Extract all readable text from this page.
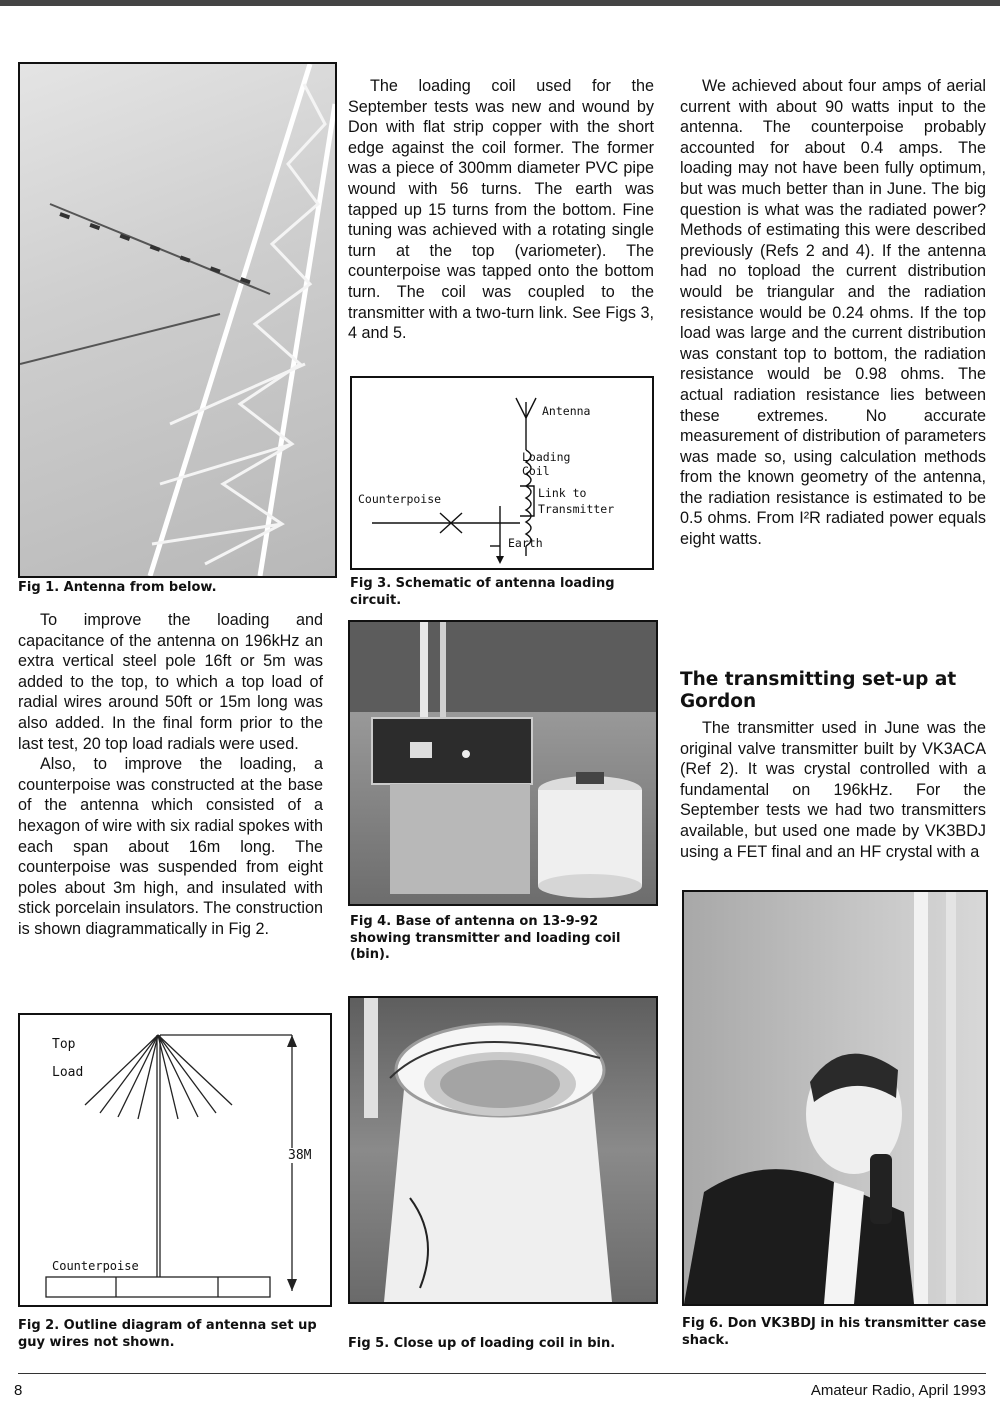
Fig 1. Antenna from below.

To improve the loading and capacitance of the antenna on 196kHz an extra vertical steel pole 16ft or 5m was added to the top, to which a top load of radial wires around 50ft or 15m long was also added. In the final form prior to the last test, 20 top load radials were used.

Also, to improve the loading, a counterpoise was constructed at the base of the antenna which consisted of a hexagon of wire with six radial spokes with each span about 16m long. The counterpoise was suspended from eight poles about 3m high, and insulated with stick porcelain insulators. The construction is shown diagrammatically in Fig 2.

Top
Load
38M
Counterpoise

Fig 2. Outline diagram of antenna set up guy wires not shown.

The loading coil used for the September tests was new and wound by Don with flat strip copper with the short edge against the coil former. The former was a piece of 300mm diameter PVC pipe wound with 56 turns. The earth was tapped up 15 turns from the bottom. Fine tuning was achieved with a rotating single turn at the top (variometer). The counterpoise was tapped onto the bottom turn. The coil was coupled to the transmitter with a two-turn link. See Figs 3, 4 and 5.

Antenna
Loading
Coil
Link to
Transmitter
Counterpoise
Earth

Fig 3. Schematic of antenna loading circuit.

Fig 4. Base of antenna on 13-9-92 showing transmitter and loading coil (bin).

Fig 5. Close up of loading coil in bin.

We achieved about four amps of aerial current with about 90 watts input to the antenna. The counterpoise probably accounted for about 0.4 amps. The loading may not have been fully optimum, but was much better than in June. The big question is what was the radiated power? Methods of estimating this were described previously (Refs 2 and 4). If the antenna had no topload the current distribution would be triangular and the radiation resistance would be 0.24 ohms. If the top load was large and the current distribution was constant top to bottom, the radiation resistance would be 0.98 ohms. The actual radiation resistance lies between these extremes. No accurate measurement of distribution of parameters was made so, using calculation methods from the known geometry of the antenna, the radiation resistance is estimated to be 0.5 ohms. From I²R radiated power equals eight watts.

The transmitting set-up at Gordon

The transmitter used in June was the original valve transmitter built by VK3ACA (Ref 2). It was crystal controlled with a fundamental on 196kHz. For the September tests we had two transmitters available, but used one made by VK3BDJ using a FET final and an HF crystal with a

Fig 6. Don VK3BDJ in his transmitter case shack.

8	Amateur Radio, April 1993
